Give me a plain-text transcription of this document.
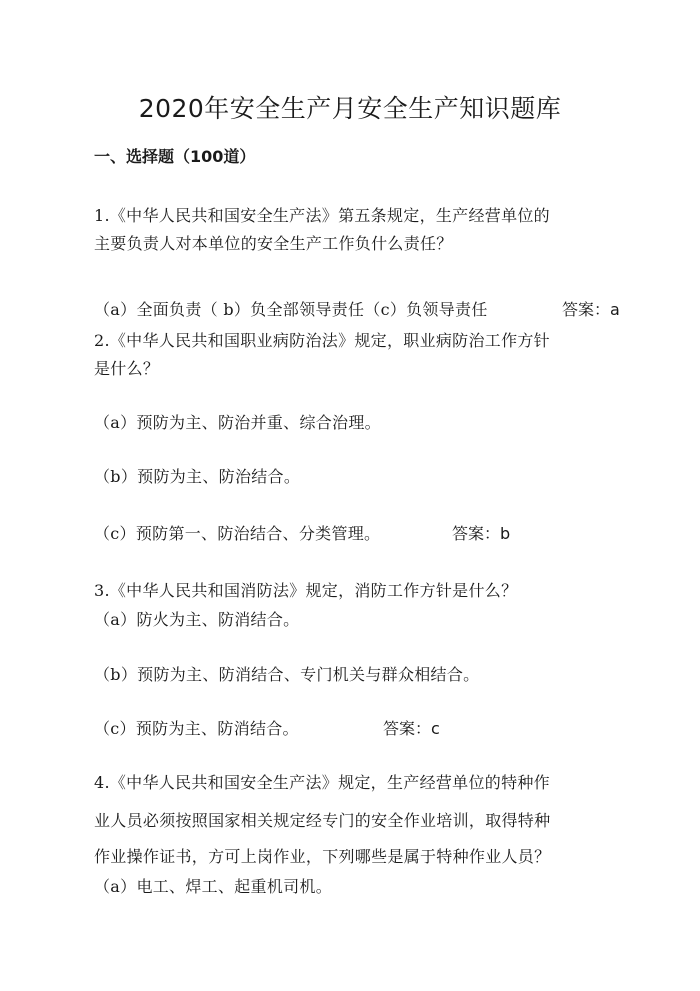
2020年安全生产月安全生产知识题库
一、选择题（100道）
1.《中华人民共和国安全生产法》第五条规定，生产经营单位的
主要负责人对本单位的安全生产工作负什么责任？
（a）全面负责（ b）负全部领导责任（c）负领导责任	答案：a
2.《中华人民共和国职业病防治法》规定，职业病防治工作方针
是什么？
（a）预防为主、防治并重、综合治理。
（b）预防为主、防治结合。
（c）预防第一、防治结合、分类管理。	答案：b
3.《中华人民共和国消防法》规定，消防工作方针是什么？
（a）防火为主、防消结合。
（b）预防为主、防消结合、专门机关与群众相结合。
（c）预防为主、防消结合。	答案：c
4.《中华人民共和国安全生产法》规定，生产经营单位的特种作
业人员必须按照国家相关规定经专门的安全作业培训，取得特种
作业操作证书，方可上岗作业，下列哪些是属于特种作业人员？
（a）电工、焊工、起重机司机。
